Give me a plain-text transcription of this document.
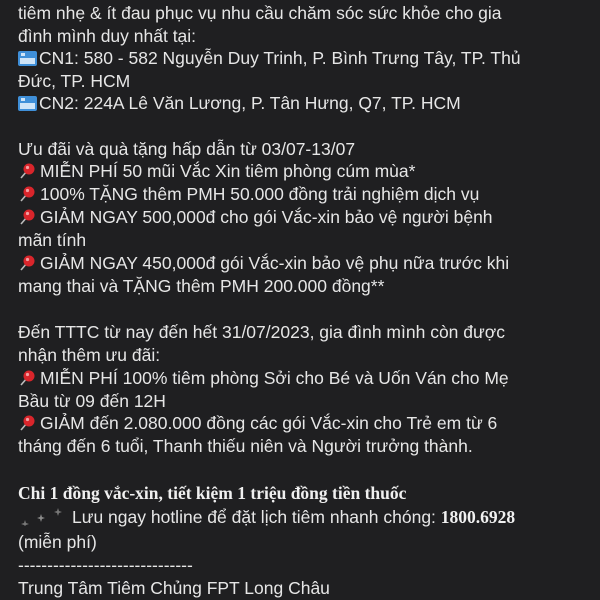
tiêm nhẹ & ít đau phục vụ nhu cầu chăm sóc sức khỏe cho gia
đình mình duy nhất tại:
CN1: 580 - 582 Nguyễn Duy Trinh, P. Bình Trưng Tây, TP. Thủ
Đức, TP. HCM
CN2: 224A Lê Văn Lương, P. Tân Hưng, Q7, TP. HCM
Ưu đãi và quà tặng hấp dẫn từ 03/07-13/07
MIỄN PHÍ 50 mũi Vắc Xin tiêm phòng cúm mùa*
100% TẶNG thêm PMH 50.000 đồng trải nghiệm dịch vụ
GIẢM NGAY 500,000đ cho gói Vắc-xin bảo vệ người bệnh
mãn tính
GIẢM NGAY 450,000đ gói Vắc-xin bảo vệ phụ nữa trước khi
mang thai và TẶNG thêm PMH 200.000 đồng**
Đến TTTC từ nay đến hết 31/07/2023, gia đình mình còn được
nhận thêm ưu đãi:
MIỄN PHÍ 100% tiêm phòng Sởi cho Bé và Uốn Ván cho Mẹ
Bầu từ 09 đến 12H
GIẢM đến 2.080.000 đồng các gói Vắc-xin cho Trẻ em từ 6
tháng đến 6 tuổi, Thanh thiếu niên và Người trưởng thành.
Chi 1 đồng vắc-xin, tiết kiệm 1 triệu đồng tiền thuốc
Lưu ngay hotline để đặt lịch tiêm nhanh chóng: 1800.6928
(miễn phí)
------------------------------
Trung Tâm Tiêm Chủng FPT Long Châu
